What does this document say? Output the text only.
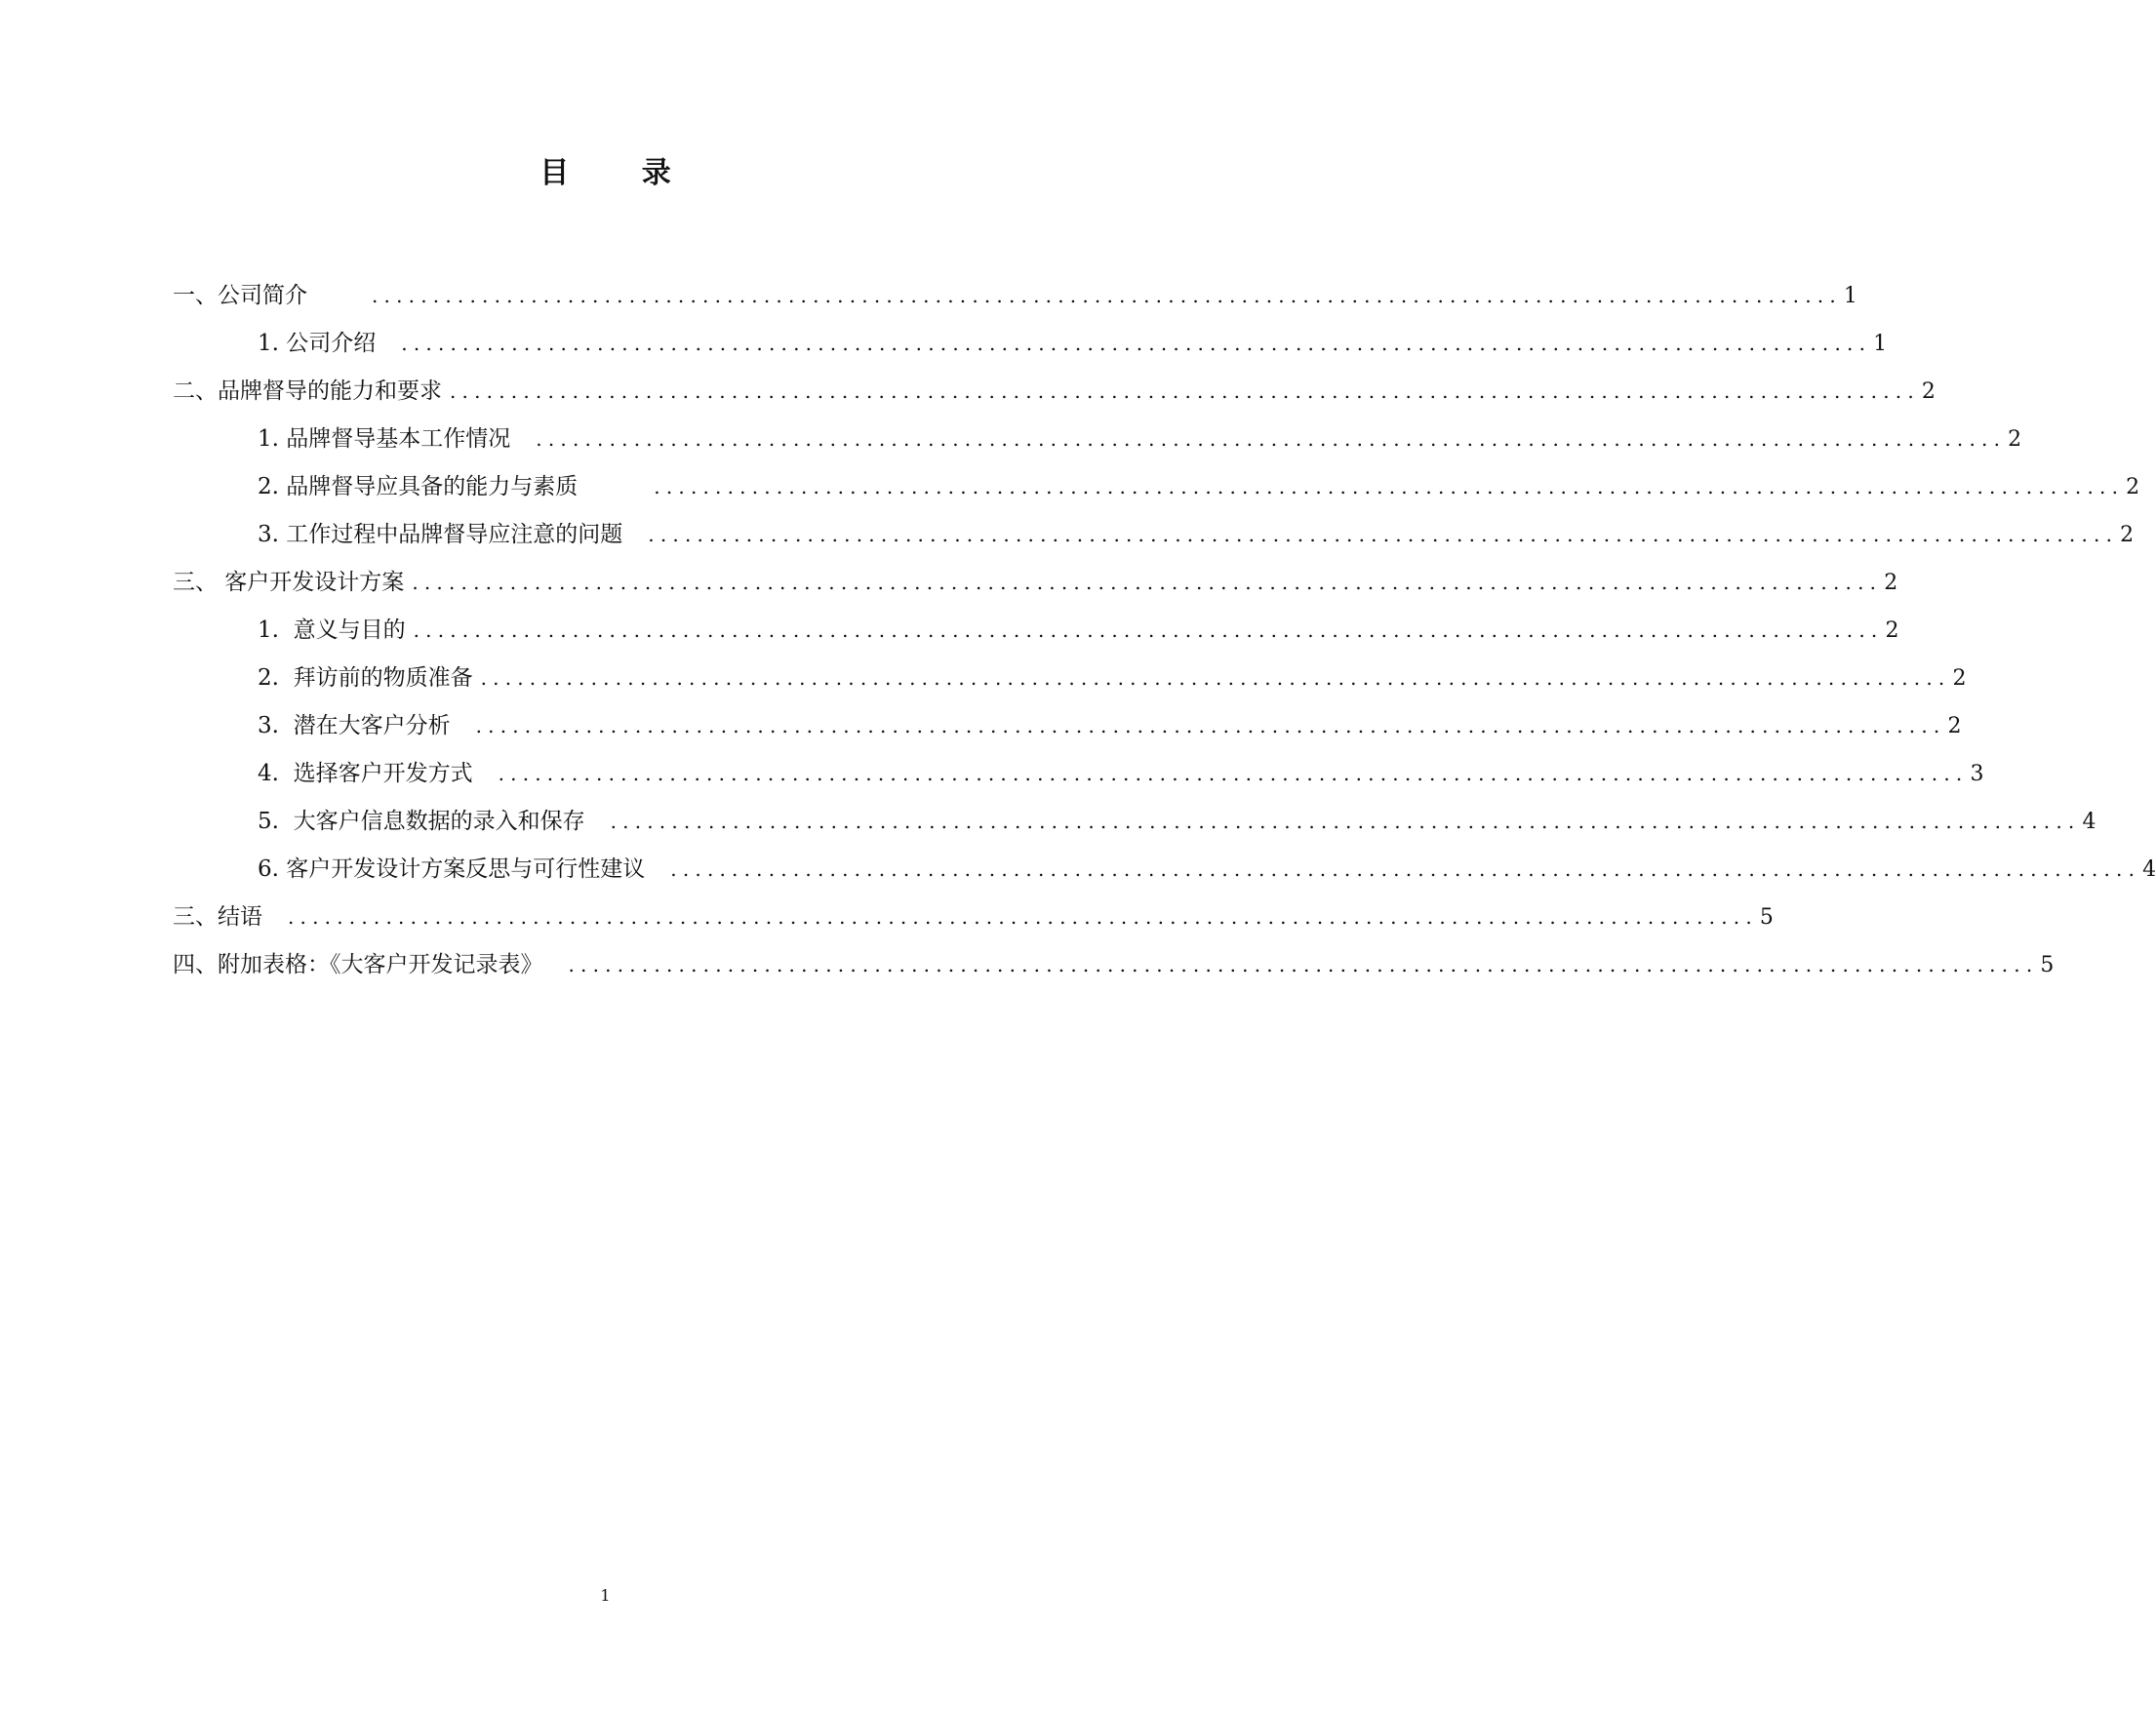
目 录
一、公司简介	........................................................................................................................ 1
1. 公司介绍	........................................................................................................................ 1
二、品牌督导的能力和要求 ........................................................................................................................ 2
1. 品牌督导基本工作情况	........................................................................................................................ 2
2. 品牌督导应具备的能力与素质	........................................................................................................................ 2
3. 工作过程中品牌督导应注意的问题	........................................................................................................................ 2
三、 客户开发设计方案 ........................................................................................................................ 2
1.  意义与目的 ........................................................................................................................ 2
2.  拜访前的物质准备 ........................................................................................................................ 2
3.  潜在大客户分析	........................................................................................................................ 2
4.  选择客户开发方式	........................................................................................................................ 3
5.  大客户信息数据的录入和保存	........................................................................................................................ 4
6. 客户开发设计方案反思与可行性建议	........................................................................................................................ 4
三、结语	........................................................................................................................ 5
四、附加表格：《大客户开发记录表》	........................................................................................................................ 5
1
